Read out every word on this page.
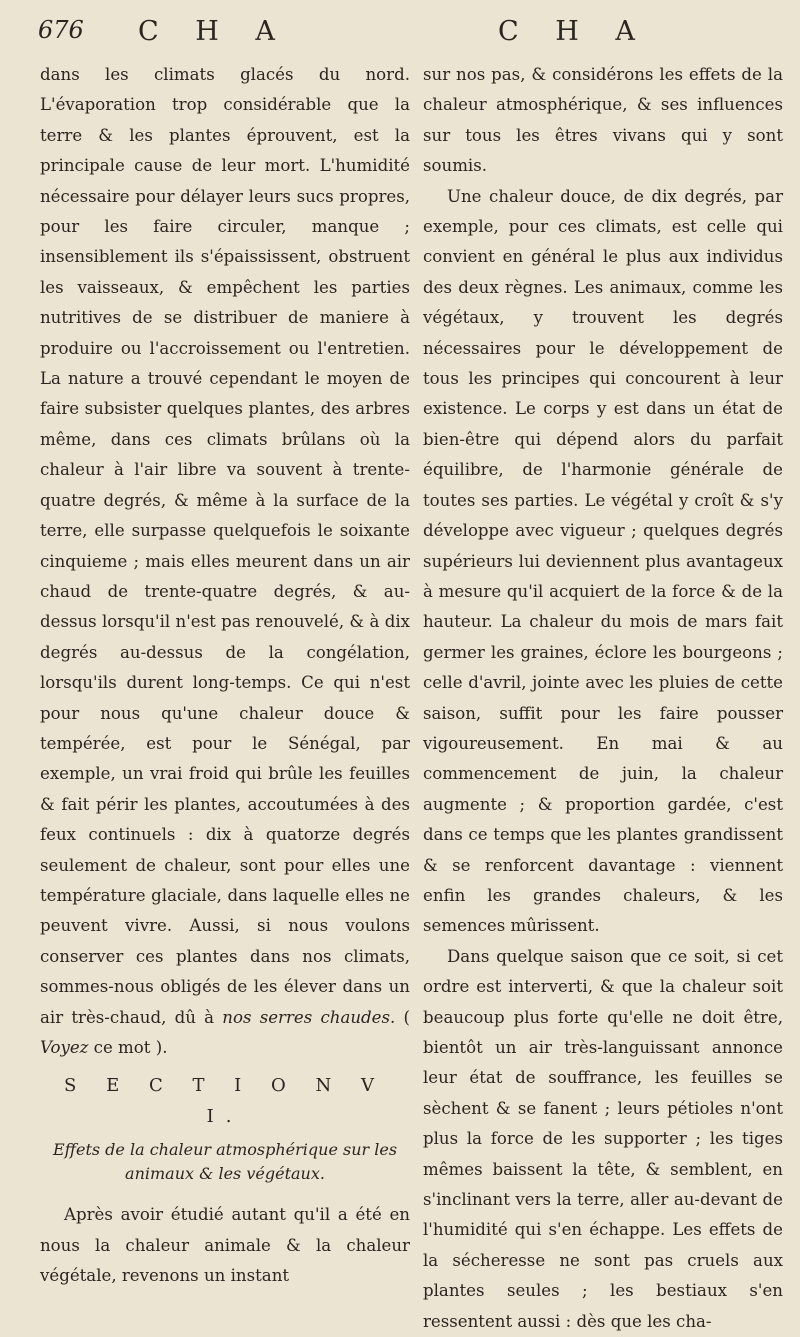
676 C H A	C H A

dans les climats glacés du nord. L'évaporation trop considérable que la terre & les plantes éprouvent, est la principale cause de leur mort. L'humidité nécessaire pour délayer leurs sucs propres, pour les faire circuler, manque ; insensiblement ils s'épaississent, obstruent les vaisseaux, & empêchent les parties nutritives de se distribuer de maniere à produire ou l'accroissement ou l'entretien. La nature a trouvé cependant le moyen de faire subsister quelques plantes, des arbres même, dans ces climats brûlans où la chaleur à l'air libre va souvent à trente-quatre degrés, & même à la surface de la terre, elle surpasse quelquefois le soixante cinquieme ; mais elles meurent dans un air chaud de trente-quatre degrés, & au-dessus lorsqu'il n'est pas renouvelé, & à dix degrés au-dessus de la congélation, lorsqu'ils durent long-temps. Ce qui n'est pour nous qu'une chaleur douce & tempérée, est pour le Sénégal, par exemple, un vrai froid qui brûle les feuilles & fait périr les plantes, accoutumées à des feux continuels : dix à quatorze degrés seulement de chaleur, sont pour elles une température glaciale, dans laquelle elles ne peuvent vivre. Aussi, si nous voulons conserver ces plantes dans nos climats, sommes-nous obligés de les élever dans un air très-chaud, dû à nos serres chaudes. ( Voyez ce mot ).

S E C T I O N V I.
Effets de la chaleur atmosphérique sur les animaux & les végétaux.

Après avoir étudié autant qu'il a été en nous la chaleur animale & la chaleur végétale, revenons un instant

sur nos pas, & considérons les effets de la chaleur atmosphérique, & ses influences sur tous les êtres vivans qui y sont soumis.

Une chaleur douce, de dix degrés, par exemple, pour ces climats, est celle qui convient en général le plus aux individus des deux règnes. Les animaux, comme les végétaux, y trouvent les degrés nécessaires pour le développement de tous les principes qui concourent à leur existence. Le corps y est dans un état de bien-être qui dépend alors du parfait équilibre, de l'harmonie générale de toutes ses parties. Le végétal y croît & s'y développe avec vigueur ; quelques degrés supérieurs lui deviennent plus avantageux à mesure qu'il acquiert de la force & de la hauteur. La chaleur du mois de mars fait germer les graines, éclore les bourgeons ; celle d'avril, jointe avec les pluies de cette saison, suffit pour les faire pousser vigoureusement. En mai & au commencement de juin, la chaleur augmente ; & proportion gardée, c'est dans ce temps que les plantes grandissent & se renforcent davantage : viennent enfin les grandes chaleurs, & les semences mûrissent.

Dans quelque saison que ce soit, si cet ordre est interverti, & que la chaleur soit beaucoup plus forte qu'elle ne doit être, bientôt un air très-languissant annonce leur état de souffrance, les feuilles se sèchent & se fanent ; leurs pétioles n'ont plus la force de les supporter ; les tiges mêmes baissent la tête, & semblent, en s'inclinant vers la terre, aller au-devant de l'humidité qui s'en échappe. Les effets de la sécheresse ne sont pas cruels aux plantes seules ; les bestiaux s'en ressentent aussi : dès que les cha-
